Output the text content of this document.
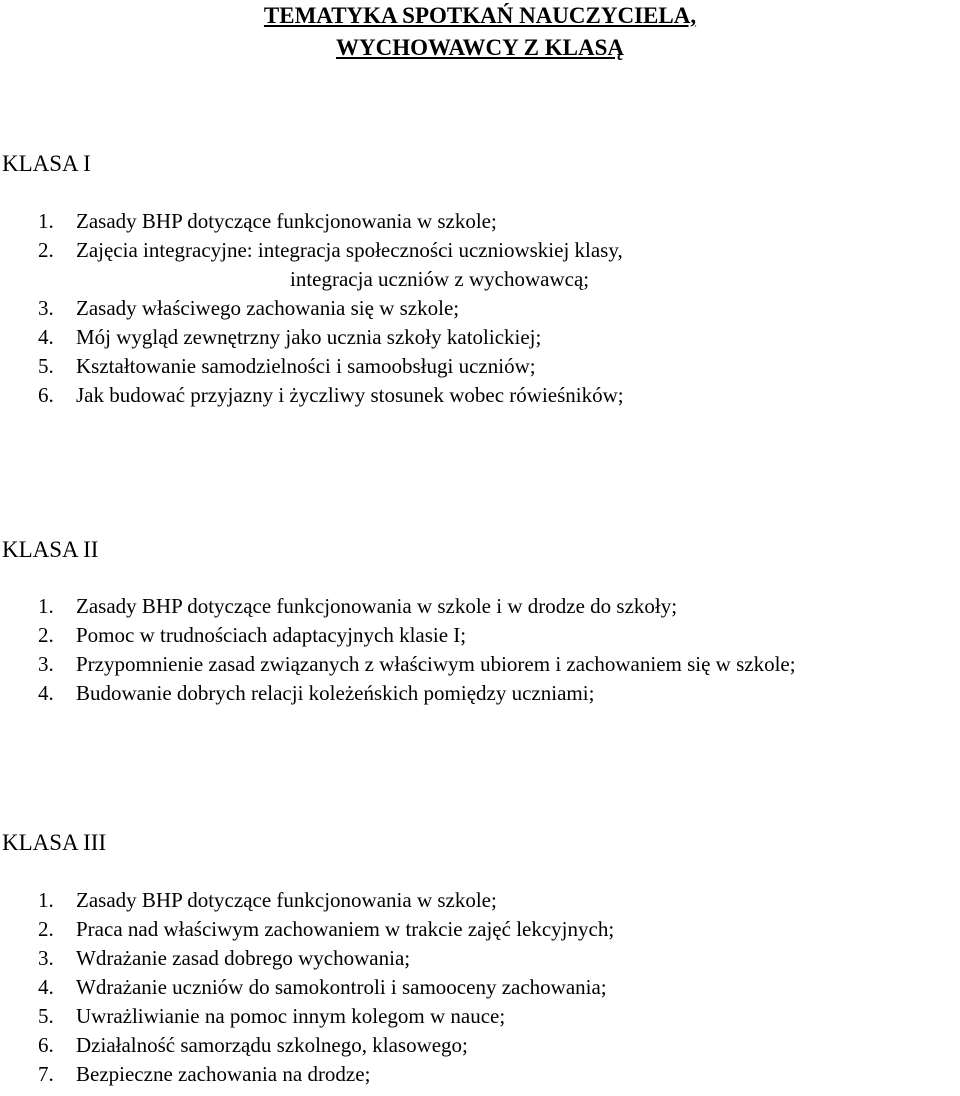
TEMATYKA SPOTKAŃ NAUCZYCIELA,
WYCHOWAWCY Z KLASĄ
KLASA I
1. Zasady BHP dotyczące funkcjonowania w szkole;
2. Zajęcia integracyjne: integracja społeczności uczniowskiej klasy,
integracja uczniów z wychowawcą;
3. Zasady właściwego zachowania się w szkole;
4. Mój wygląd zewnętrzny jako ucznia szkoły katolickiej;
5. Kształtowanie samodzielności i samoobsługi uczniów;
6. Jak budować przyjazny i życzliwy stosunek wobec rówieśników;
KLASA II
1. Zasady BHP dotyczące funkcjonowania w szkole i w drodze do szkoły;
2. Pomoc w trudnościach adaptacyjnych klasie I;
3. Przypomnienie zasad związanych z właściwym ubiorem i zachowaniem się w szkole;
4. Budowanie dobrych relacji koleżeńskich pomiędzy uczniami;
KLASA III
1. Zasady BHP dotyczące funkcjonowania w szkole;
2. Praca nad właściwym zachowaniem w trakcie zajęć lekcyjnych;
3. Wdrażanie zasad dobrego wychowania;
4. Wdrażanie uczniów do samokontroli i samooceny zachowania;
5. Uwrażliwianie na pomoc innym kolegom w nauce;
6. Działalność samorządu szkolnego, klasowego;
7. Bezpieczne zachowania na drodze;
